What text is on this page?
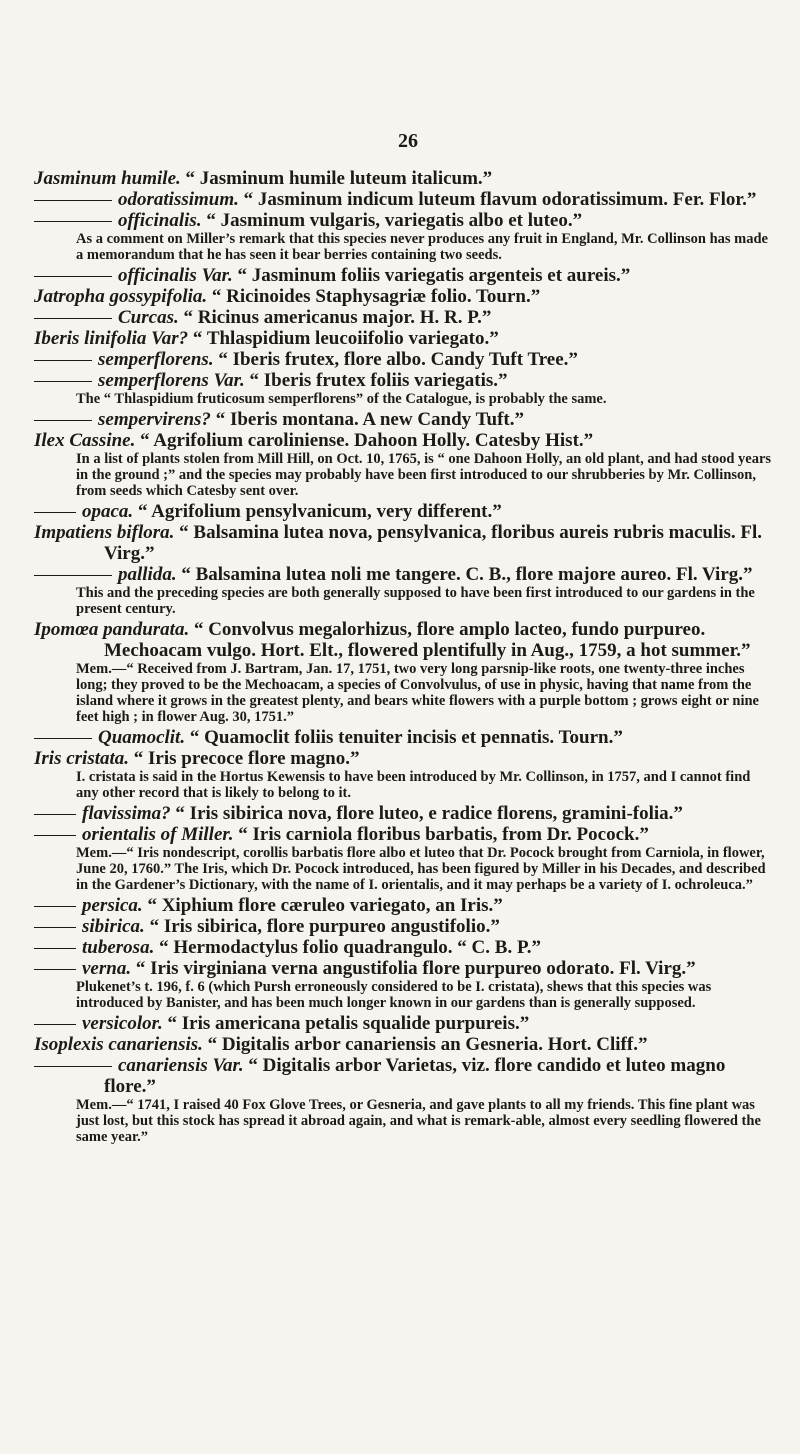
26
Jasminum humile. “ Jasminum humile luteum italicum.”
odoratissimum. “ Jasminum indicum luteum flavum odoratissimum. Fer. Flor.”
officinalis. “ Jasminum vulgaris, variegatis albo et luteo.”
As a comment on Miller’s remark that this species never produces any fruit in England, Mr. Collinson has made a memorandum that he has seen it bear berries containing two seeds.
officinalis Var. “ Jasminum foliis variegatis argenteis et aureis.”
Jatropha gossypifolia. “ Ricinoides Staphysagriæ folio. Tourn.”
Curcas. “ Ricinus americanus major. H. R. P.”
Iberis linifolia Var? “ Thlaspidium leucoiifolio variegato.”
semperflorens. “ Iberis frutex, flore albo. Candy Tuft Tree.”
semperflorens Var. “ Iberis frutex foliis variegatis.”
The “ Thlaspidium fruticosum semperflorens” of the Catalogue, is probably the same.
sempervirens? “ Iberis montana. A new Candy Tuft.”
Ilex Cassine. “ Agrifolium caroliniense. Dahoon Holly. Catesby Hist.”
In a list of plants stolen from Mill Hill, on Oct. 10, 1765, is “ one Dahoon Holly, an old plant, and had stood years in the ground ;” and the species may probably have been first introduced to our shrubberies by Mr. Collinson, from seeds which Catesby sent over.
opaca. “ Agrifolium pensylvanicum, very different.”
Impatiens biflora. “ Balsamina lutea nova, pensylvanica, floribus aureis rubris maculis. Fl. Virg.”
pallida. “ Balsamina lutea noli me tangere. C. B., flore majore aureo. Fl. Virg.”
This and the preceding species are both generally supposed to have been first introduced to our gardens in the present century.
Ipomœa pandurata. “ Convolvus megalorhizus, flore amplo lacteo, fundo purpureo. Mechoacam vulgo. Hort. Elt., flowered plentifully in Aug., 1759, a hot summer.”
Mem.—“ Received from J. Bartram, Jan. 17, 1751, two very long parsnip-like roots, one twenty-three inches long; they proved to be the Mechoacam, a species of Convolvulus, of use in physic, having that name from the island where it grows in the greatest plenty, and bears white flowers with a purple bottom ; grows eight or nine feet high ; in flower Aug. 30, 1751.”
Quamoclit. “ Quamoclit foliis tenuiter incisis et pennatis. Tourn.”
Iris cristata. “ Iris precoce flore magno.”
I. cristata is said in the Hortus Kewensis to have been introduced by Mr. Collinson, in 1757, and I cannot find any other record that is likely to belong to it.
flavissima? “ Iris sibirica nova, flore luteo, e radice florens, gramini-folia.”
orientalis of Miller. “ Iris carniola floribus barbatis, from Dr. Pocock.”
Mem.—“ Iris nondescript, corollis barbatis flore albo et luteo that Dr. Pocock brought from Carniola, in flower, June 20, 1760.” The Iris, which Dr. Pocock introduced, has been figured by Miller in his Decades, and described in the Gardener’s Dictionary, with the name of I. orientalis, and it may perhaps be a variety of I. ochroleuca.”
persica. “ Xiphium flore cæruleo variegato, an Iris.”
sibirica. “ Iris sibirica, flore purpureo angustifolio.”
tuberosa. “ Hermodactylus folio quadrangulo. “ C. B. P.”
verna. “ Iris virginiana verna angustifolia flore purpureo odorato. Fl. Virg.”
Plukenet’s t. 196, f. 6 (which Pursh erroneously considered to be I. cristata), shews that this species was introduced by Banister, and has been much longer known in our gardens than is generally supposed.
versicolor. “ Iris americana petalis squalide purpureis.”
Isoplexis canariensis. “ Digitalis arbor canariensis an Gesneria. Hort. Cliff.”
canariensis Var. “ Digitalis arbor Varietas, viz. flore candido et luteo magno flore.”
Mem.—“ 1741, I raised 40 Fox Glove Trees, or Gesneria, and gave plants to all my friends. This fine plant was just lost, but this stock has spread it abroad again, and what is remark-able, almost every seedling flowered the same year.”
